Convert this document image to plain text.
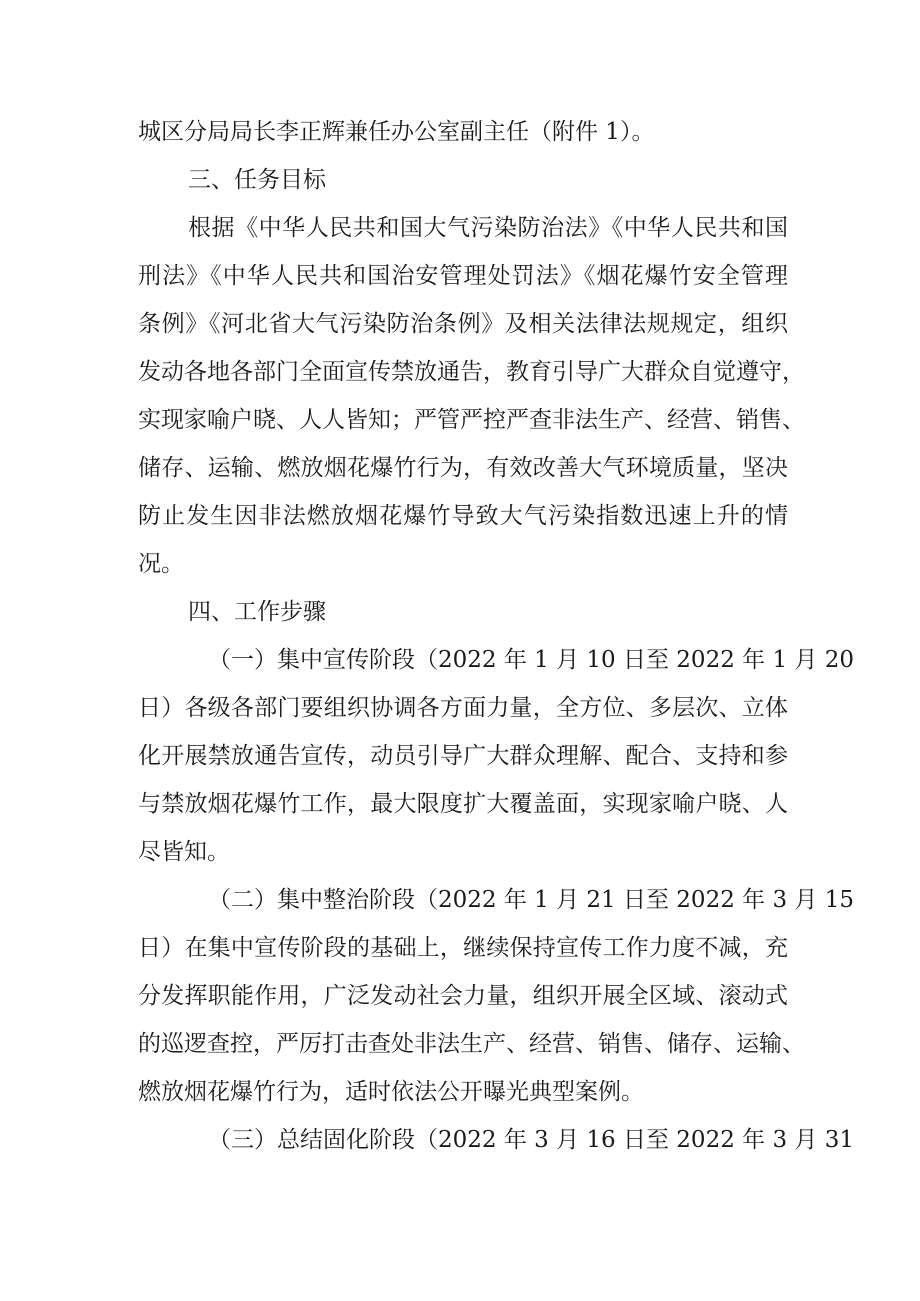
城区分局局长李正辉兼任办公室副主任（附件 1）。
三、任务目标
根据《中华人民共和国大气污染防治法》《中华人民共和国
刑法》《中华人民共和国治安管理处罚法》《烟花爆竹安全管理
条例》《河北省大气污染防治条例》及相关法律法规规定，组织
发动各地各部门全面宣传禁放通告，教育引导广大群众自觉遵守，
实现家喻户晓、人人皆知；严管严控严查非法生产、经营、销售、
储存、运输、燃放烟花爆竹行为，有效改善大气环境质量，坚决
防止发生因非法燃放烟花爆竹导致大气污染指数迅速上升的情
况。
四、工作步骤
（一）集中宣传阶段（2022 年 1 月 10 日至 2022 年 1 月 20
日）各级各部门要组织协调各方面力量，全方位、多层次、立体
化开展禁放通告宣传，动员引导广大群众理解、配合、支持和参
与禁放烟花爆竹工作，最大限度扩大覆盖面，实现家喻户晓、人
尽皆知。
（二）集中整治阶段（2022 年 1 月 21 日至 2022 年 3 月 15
日）在集中宣传阶段的基础上，继续保持宣传工作力度不减，充
分发挥职能作用，广泛发动社会力量，组织开展全区域、滚动式
的巡逻查控，严厉打击查处非法生产、经营、销售、储存、运输、
燃放烟花爆竹行为，适时依法公开曝光典型案例。
（三）总结固化阶段（2022 年 3 月 16 日至 2022 年 3 月 31
